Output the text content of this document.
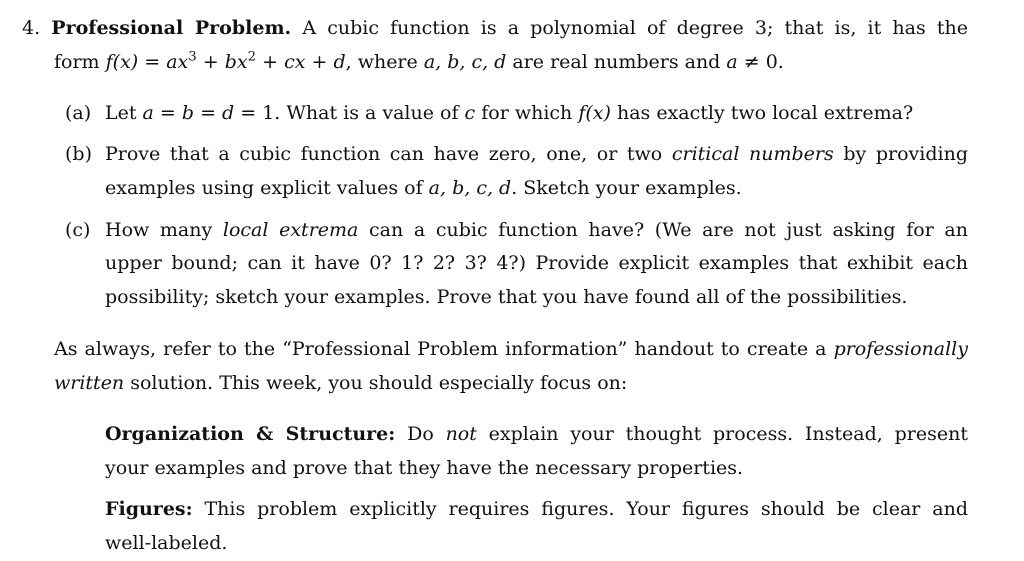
4. Professional Problem. A cubic function is a polynomial of degree 3; that is, it has the
form $f(x) = ax^3 + bx^2$ + cx + d, where a, b, c, d are real numbers and a ≠ 0.
(a) Let a = b = d = 1. What is a value of c for which f(x) has exactly two local extrema?
(b) Prove that a cubic function can have zero, one, or two critical numbers by providing
examples using explicit values of a, b, c, d. Sketch your examples.
(c) How many local extrema can a cubic function have? (We are not just asking for an
upper bound; can it have 0? 1? 2? 3? 4?) Provide explicit examples that exhibit each
possibility; sketch your examples. Prove that you have found all of the possibilities.
As always, refer to the “Professional Problem information” handout to create a professionally
written solution. This week, you should especially focus on:
Organization & Structure: Do not explain your thought process. Instead, present
your examples and prove that they have the necessary properties.
Figures: This problem explicitly requires figures. Your figures should be clear and
well-labeled.
